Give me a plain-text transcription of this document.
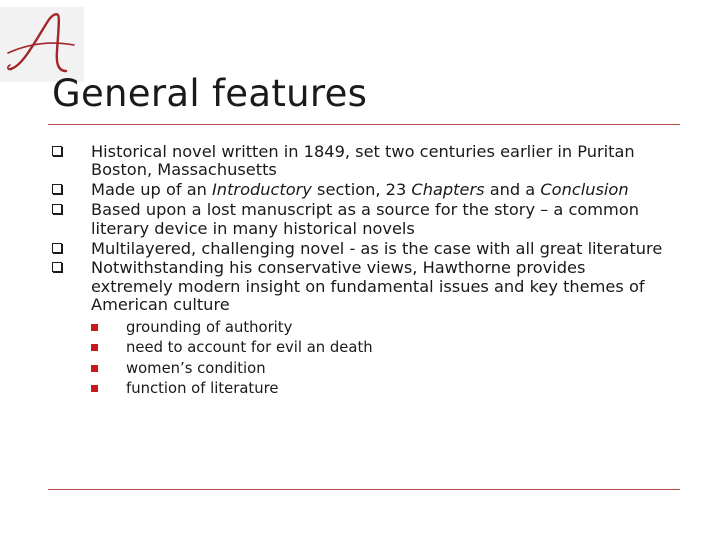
A
General features
Historical novel written in 1849, set two centuries earlier in Puritan Boston, Massachusetts
Made up of an Introductory section, 23 Chapters and a Conclusion
Based upon a lost manuscript as a source for the story – a common literary device in many historical novels
Multilayered, challenging novel - as is the case with all great literature
Notwithstanding his conservative views, Hawthorne provides extremely modern insight on fundamental issues and key themes of American culture
grounding of authority
need to account for evil an death
women’s condition
function of literature
